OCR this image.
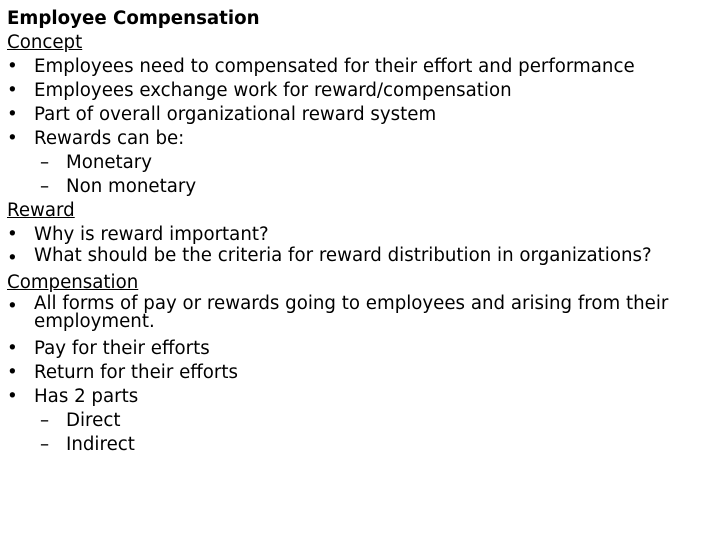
Employee Compensation
Concept
• Employees need to compensated for their effort and performance
• Employees exchange work for reward/compensation
• Part of overall organizational reward system
• Rewards can be:
– Monetary
– Non monetary
Reward
• Why is reward important?
• What should be the criteria for reward distribution in organizations?
Compensation
• All forms of pay or rewards going to employees and arising from their employment.
• Pay for their efforts
• Return for their efforts
• Has 2 parts
– Direct
– Indirect
